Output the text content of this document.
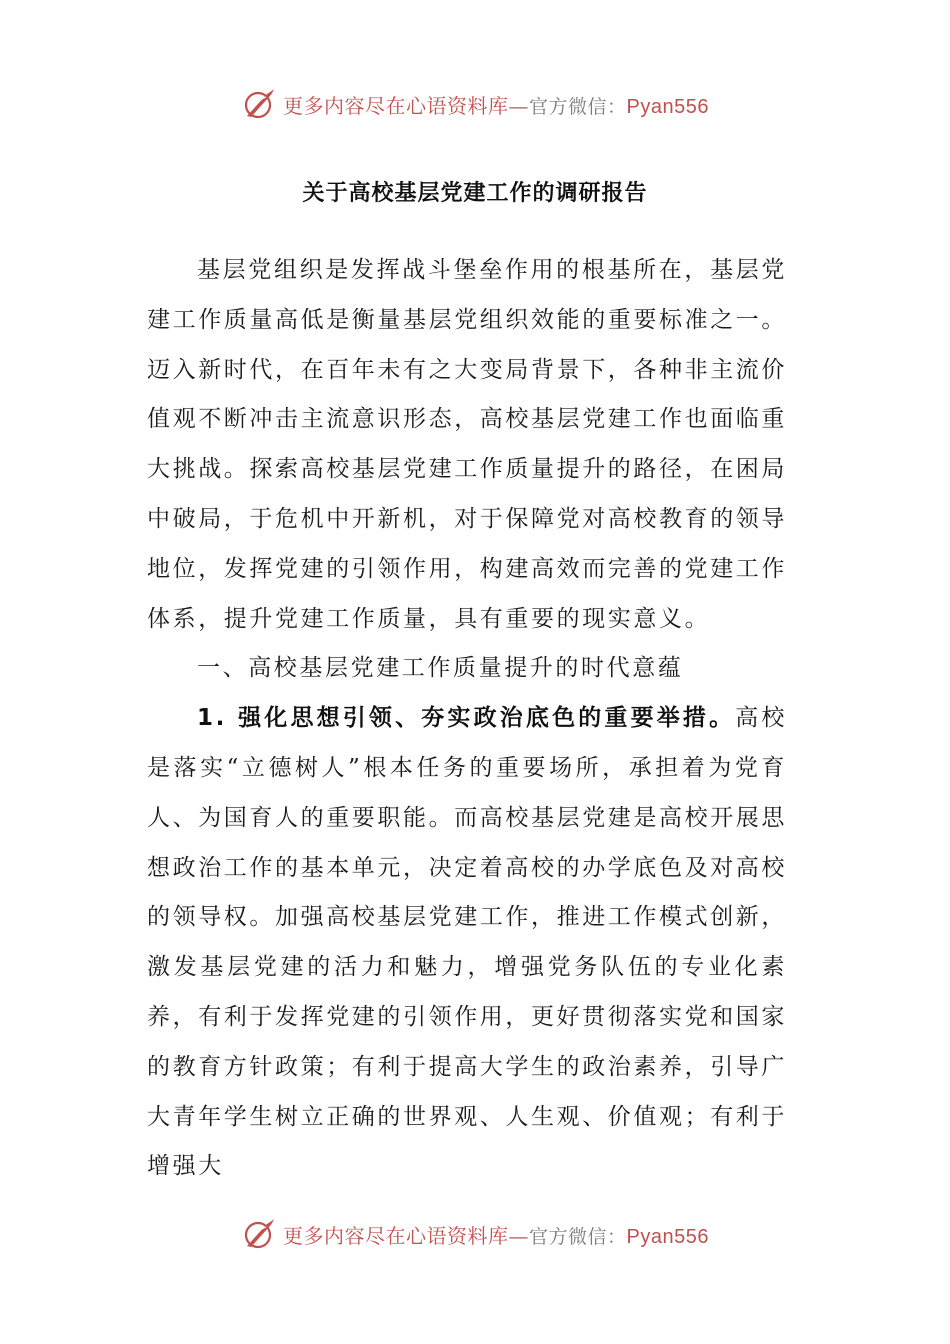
更多内容尽在心语资料库—官方微信：Pyan556
关于高校基层党建工作的调研报告

基层党组织是发挥战斗堡垒作用的根基所在，基层党建工作质量高低是衡量基层党组织效能的重要标准之一。迈入新时代，在百年未有之大变局背景下，各种非主流价值观不断冲击主流意识形态，高校基层党建工作也面临重大挑战。探索高校基层党建工作质量提升的路径，在困局中破局，于危机中开新机，对于保障党对高校教育的领导地位，发挥党建的引领作用，构建高效而完善的党建工作体系，提升党建工作质量，具有重要的现实意义。

一、高校基层党建工作质量提升的时代意蕴

1. 强化思想引领、夯实政治底色的重要举措。高校是落实“立德树人”根本任务的重要场所，承担着为党育人、为国育人的重要职能。而高校基层党建是高校开展思想政治工作的基本单元，决定着高校的办学底色及对高校的领导权。加强高校基层党建工作，推进工作模式创新，激发基层党建的活力和魅力，增强党务队伍的专业化素养，有利于发挥党建的引领作用，更好贯彻落实党和国家的教育方针政策；有利于提高大学生的政治素养，引导广大青年学生树立正确的世界观、人生观、价值观；有利于增强大

更多内容尽在心语资料库—官方微信：Pyan556
